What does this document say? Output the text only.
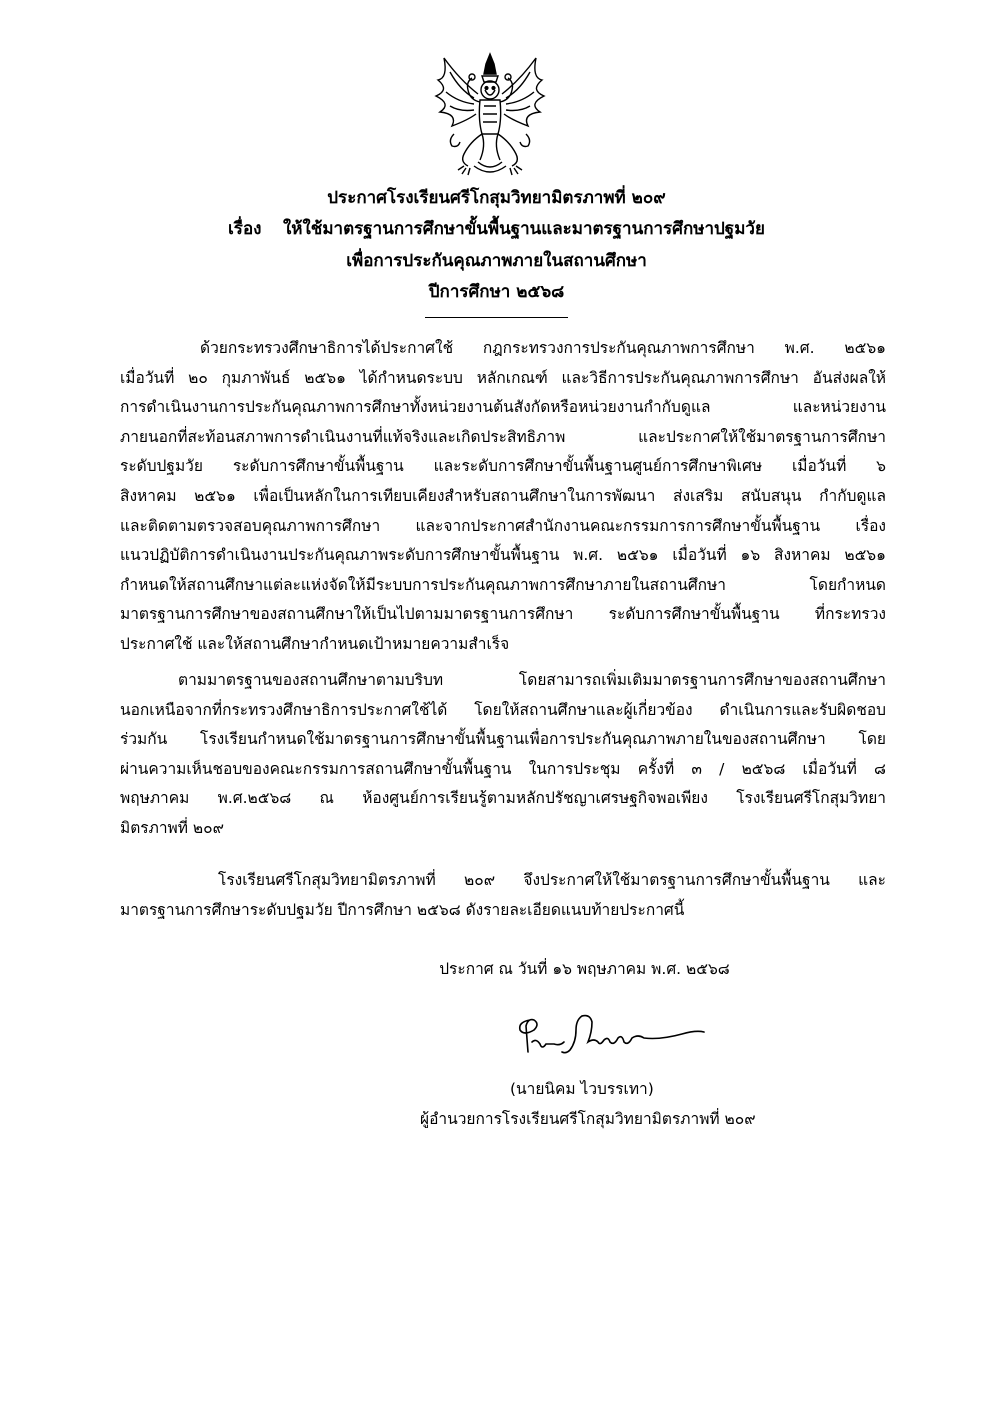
ประกาศโรงเรียนศรีโกสุมวิทยามิตรภาพที่ ๒๐๙
เรื่อง ให้ใช้มาตรฐานการศึกษาขั้นพื้นฐานและมาตรฐานการศึกษาปฐมวัย
เพื่อการประกันคุณภาพภายในสถานศึกษา
ปีการศึกษา ๒๕๖๘
ด้วยกระทรวงศึกษาธิการได้ประกาศใช้ กฎกระทรวงการประกันคุณภาพการศึกษา พ.ศ. ๒๕๖๑
เมื่อวันที่ ๒๐ กุมภาพันธ์ ๒๕๖๑ ได้กำหนดระบบ หลักเกณฑ์ และวิธีการประกันคุณภาพการศึกษา อันส่งผลให้
การดำเนินงานการประกันคุณภาพการศึกษาทั้งหน่วยงานต้นสังกัดหรือหน่วยงานกำกับดูแล และหน่วยงาน
ภายนอกที่สะท้อนสภาพการดำเนินงานที่แท้จริงและเกิดประสิทธิภาพ และประกาศให้ใช้มาตรฐานการศึกษา
ระดับปฐมวัย ระดับการศึกษาขั้นพื้นฐาน และระดับการศึกษาขั้นพื้นฐานศูนย์การศึกษาพิเศษ เมื่อวันที่ ๖
สิงหาคม ๒๕๖๑ เพื่อเป็นหลักในการเทียบเคียงสำหรับสถานศึกษาในการพัฒนา ส่งเสริม สนับสนุน กำกับดูแล
และติดตามตรวจสอบคุณภาพการศึกษา และจากประกาศสำนักงานคณะกรรมการการศึกษาขั้นพื้นฐาน เรื่อง
แนวปฏิบัติการดำเนินงานประกันคุณภาพระดับการศึกษาขั้นพื้นฐาน พ.ศ. ๒๕๖๑ เมื่อวันที่ ๑๖ สิงหาคม ๒๕๖๑
กำหนดให้สถานศึกษาแต่ละแห่งจัดให้มีระบบการประกันคุณภาพการศึกษาภายในสถานศึกษา โดยกำหนด
มาตรฐานการศึกษาของสถานศึกษาให้เป็นไปตามมาตรฐานการศึกษา ระดับการศึกษาขั้นพื้นฐาน ที่กระทรวง
ประกาศใช้ และให้สถานศึกษากำหนดเป้าหมายความสำเร็จ
ตามมาตรฐานของสถานศึกษาตามบริบท โดยสามารถเพิ่มเติมมาตรฐานการศึกษาของสถานศึกษา
นอกเหนือจากที่กระทรวงศึกษาธิการประกาศใช้ได้ โดยให้สถานศึกษาและผู้เกี่ยวข้อง ดำเนินการและรับผิดชอบ
ร่วมกัน โรงเรียนกำหนดใช้มาตรฐานการศึกษาขั้นพื้นฐานเพื่อการประกันคุณภาพภายในของสถานศึกษา โดย
ผ่านความเห็นชอบของคณะกรรมการสถานศึกษาขั้นพื้นฐาน ในการประชุม ครั้งที่ ๓ / ๒๕๖๘ เมื่อวันที่ ๘
พฤษภาคม พ.ศ.๒๕๖๘ ณ ห้องศูนย์การเรียนรู้ตามหลักปรัชญาเศรษฐกิจพอเพียง โรงเรียนศรีโกสุมวิทยา
มิตรภาพที่ ๒๐๙
โรงเรียนศรีโกสุมวิทยามิตรภาพที่ ๒๐๙ จึงประกาศให้ใช้มาตรฐานการศึกษาขั้นพื้นฐาน และ
มาตรฐานการศึกษาระดับปฐมวัย ปีการศึกษา ๒๕๖๘ ดังรายละเอียดแนบท้ายประกาศนี้
ประกาศ ณ วันที่ ๑๖ พฤษภาคม พ.ศ. ๒๕๖๘
(นายนิคม ไวบรรเทา)
ผู้อำนวยการโรงเรียนศรีโกสุมวิทยามิตรภาพที่ ๒๐๙
